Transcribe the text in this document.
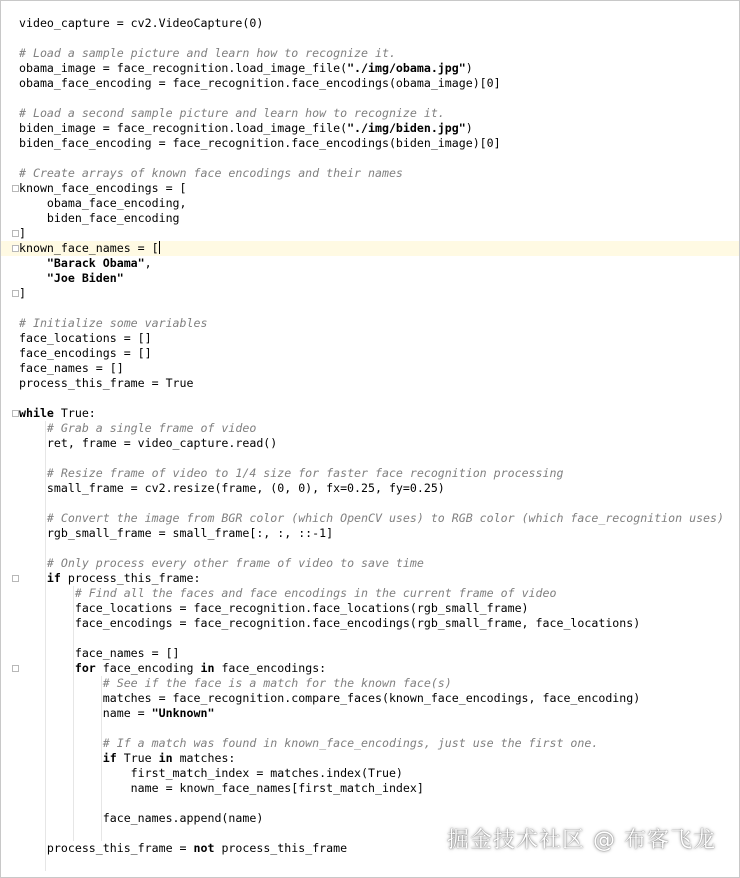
video_capture = cv2.VideoCapture(0)
# Load a sample picture and learn how to recognize it.
obama_image = face_recognition.load_image_file("./img/obama.jpg")
obama_face_encoding = face_recognition.face_encodings(obama_image)[0]
# Load a second sample picture and learn how to recognize it.
biden_image = face_recognition.load_image_file("./img/biden.jpg")
biden_face_encoding = face_recognition.face_encodings(biden_image)[0]
# Create arrays of known face encodings and their names
known_face_encodings = [
obama_face_encoding,
biden_face_encoding
]
known_face_names = [
"Barack Obama",
"Joe Biden"
]
# Initialize some variables
face_locations = []
face_encodings = []
face_names = []
process_this_frame = True
while True:
# Grab a single frame of video
ret, frame = video_capture.read()
# Resize frame of video to 1/4 size for faster face recognition processing
small_frame = cv2.resize(frame, (0, 0), fx=0.25, fy=0.25)
# Convert the image from BGR color (which OpenCV uses) to RGB color (which face_recognition uses)
rgb_small_frame = small_frame[:, :, ::-1]
# Only process every other frame of video to save time
if process_this_frame:
# Find all the faces and face encodings in the current frame of video
face_locations = face_recognition.face_locations(rgb_small_frame)
face_encodings = face_recognition.face_encodings(rgb_small_frame, face_locations)
face_names = []
for face_encoding in face_encodings:
# See if the face is a match for the known face(s)
matches = face_recognition.compare_faces(known_face_encodings, face_encoding)
name = "Unknown"
# If a match was found in known_face_encodings, just use the first one.
if True in matches:
first_match_index = matches.index(True)
name = known_face_names[first_match_index]
face_names.append(name)
process_this_frame = not process_this_frame	掘金技术社区 @ 布客飞龙
